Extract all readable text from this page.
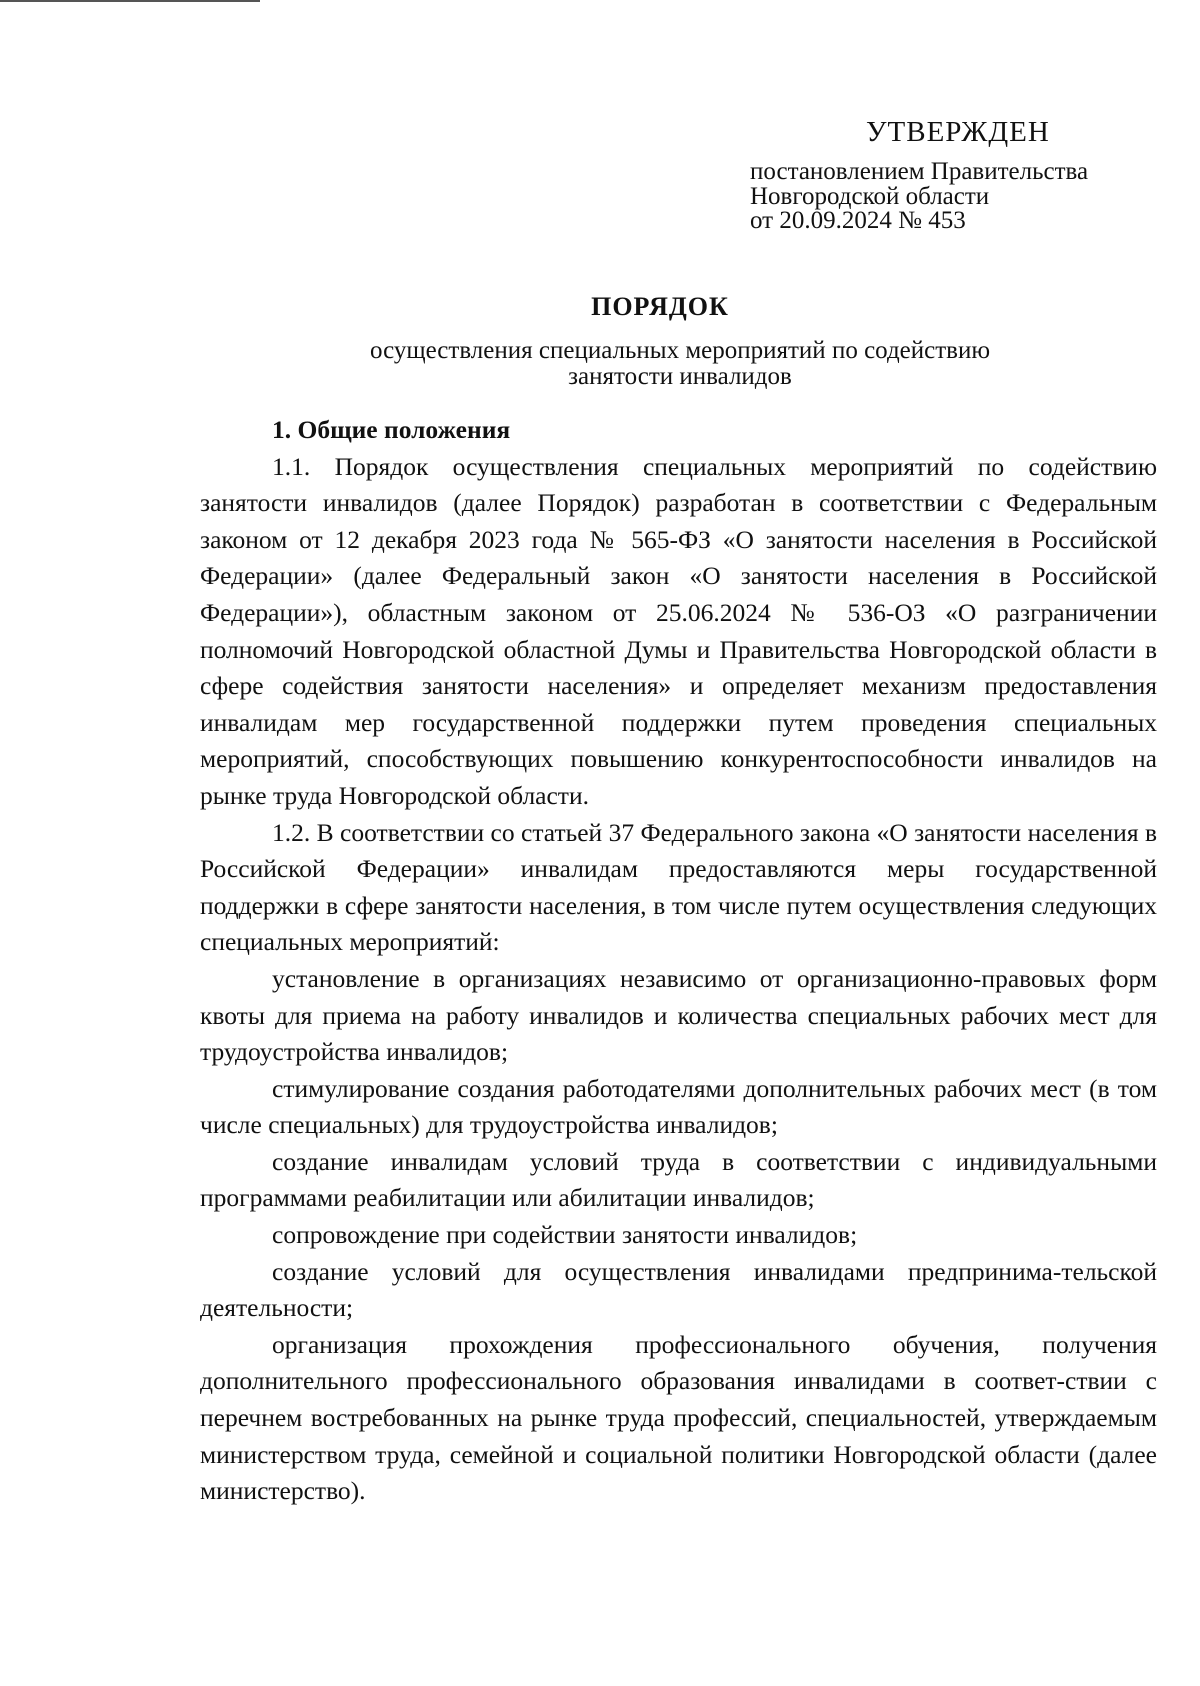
УТВЕРЖДЕН
постановлением Правительства
Новгородской области
от 20.09.2024 № 453
ПОРЯДОК
осуществления специальных мероприятий по содействию
занятости инвалидов

1. Общие положения

1.1. Порядок осуществления специальных мероприятий по содействию занятости инвалидов (далее Порядок) разработан в соответствии с Федеральным законом от 12 декабря 2023 года № 565-ФЗ «О занятости населения в Российской Федерации» (далее Федеральный закон «О занятости населения в Российской Федерации»), областным законом от 25.06.2024 № 536-ОЗ «О разграничении полномочий Новгородской областной Думы и Правительства Новгородской области в сфере содействия занятости населения» и определяет механизм предоставления инвалидам мер государственной поддержки путем проведения специальных мероприятий, способствующих повышению конкурентоспособности инвалидов на рынке труда Новгородской области.

1.2. В соответствии со статьей 37 Федерального закона «О занятости населения в Российской Федерации» инвалидам предоставляются меры государственной поддержки в сфере занятости населения, в том числе путем осуществления следующих специальных мероприятий:

установление в организациях независимо от организационно-правовых форм квоты для приема на работу инвалидов и количества специальных рабочих мест для трудоустройства инвалидов;

стимулирование создания работодателями дополнительных рабочих мест (в том числе специальных) для трудоустройства инвалидов;

создание инвалидам условий труда в соответствии с индивидуальными программами реабилитации или абилитации инвалидов;

сопровождение при содействии занятости инвалидов;

создание условий для осуществления инвалидами предпринима-тельской деятельности;

организация прохождения профессионального обучения, получения дополнительного профессионального образования инвалидами в соответ-ствии с перечнем востребованных на рынке труда профессий, специальностей, утверждаемым министерством труда, семейной и социальной политики Новгородской области (далее министерство).
